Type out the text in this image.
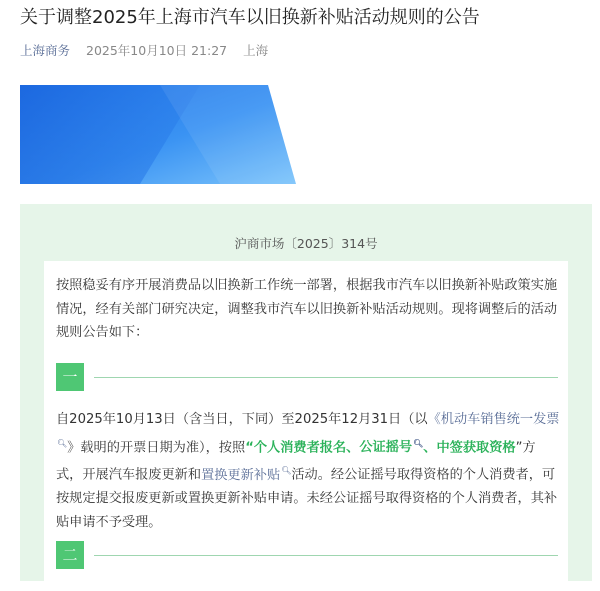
关于调整2025年上海市汽车以旧换新补贴活动规则的公告
上海商务 2025年10月10日 21:27 上海
沪商市场〔2025〕314号

按照稳妥有序开展消费品以旧换新工作统一部署，根据我市汽车以旧换新补贴政策实施情况，经有关部门研究决定，调整我市汽车以旧换新补贴活动规则。现将调整后的活动规则公告如下：

一

自2025年10月13日（含当日，下同）至2025年12月31日（以《机动车销售统一发票🔍︎》载明的开票日期为准），按照“个人消费者报名、公证摇号🔍︎、中签获取资格”方式，开展汽车报废更新和置换更新补贴🔍︎活动。经公证摇号取得资格的个人消费者，可按规定提交报废更新或置换更新补贴申请。未经公证摇号取得资格的个人消费者，其补贴申请不予受理。

二
